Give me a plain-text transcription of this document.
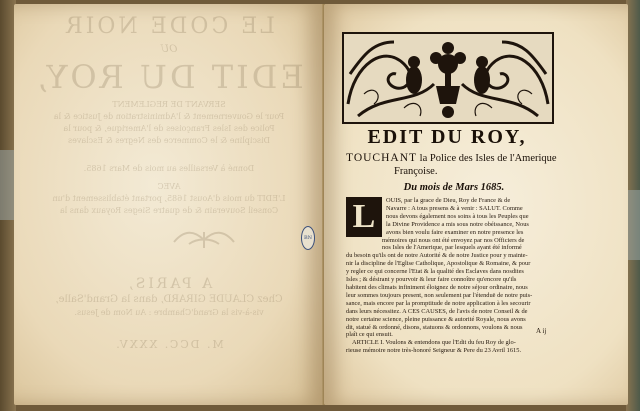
LE CODE NOIR
OU
EDIT DU ROY,
SERVANT DE REGLEMENT
Pour le Gouvernement & l'Administration de Justice & la
Police des Isles Françoises de l'Amerique, & pour la
Discipline & le Commerce des Negres & Esclaves
Donné à Versailles au mois de Mars 1685.
AVEC
L'EDIT du mois d'Aoust 1685, portant établissement d'un
Conseil Souverain & de quatre Sieges Royaux dans la
A PARIS,
Chez CLAUDE GIRARD, dans la Grand'Salle,
vis-à-vis la Grand'Chambre : Au Nom de Jesus.
M. DCC. XXXV.
BN
EDIT DU ROY,
TOUCHANT la Police des Isles de l'Amerique
Françoise.
Du mois de Mars 1685.
OUIS, par la grace de Dieu, Roy de France & de
Navarre : A tous presens & à venir : SALUT. Comme
nous devons également nos soins à tous les Peuples que
la Divine Providence a mis sous notre obéissance, Nous
avons bien voulu faire examiner en notre presence les
mémoires qui nous ont été envoyez par nos Officiers de
nos Isles de l'Amerique, par lesquels ayant été informé
du besoin qu'ils ont de notre Autorité & de notre Justice pour y mainte-
nir la discipline de l'Eglise Catholique, Apostolique & Romaine, & pour
y regler ce qui concerne l'Etat & la qualité des Esclaves dans nosdites
Isles ; & désirant y pourvoir & leur faire connoître qu'encore qu'ils
habitent des climats infiniment éloignez de notre séjour ordinaire, nous
leur sommes toujours present, non seulement par l'étenduë de notre puis-
sance, mais encore par la promptitude de notre application à les secourir
dans leurs nécessitez. A CES CAUSES, de l'avis de notre Conseil & de
notre certaine science, pleine puissance & autorité Royale, nous avons
dit, statué & ordonné, disons, statuons & ordonnons, voulons & nous
plaît ce qui ensuit.
ARTICLE I. Voulons & entendons que l'Edit du feu Roy de glo-
rieuse mémoire notre très-honoré Seigneur & Pere du 23 Avril 1615.
L
A ij
